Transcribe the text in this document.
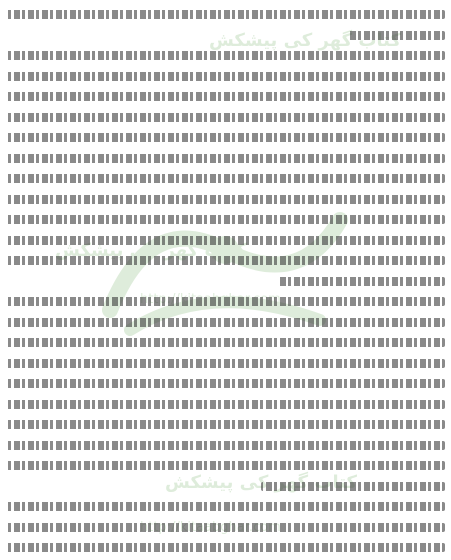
كتاب گهر كى پيشكش
كتاب گهر كى پيشكش
كى پيشكش
